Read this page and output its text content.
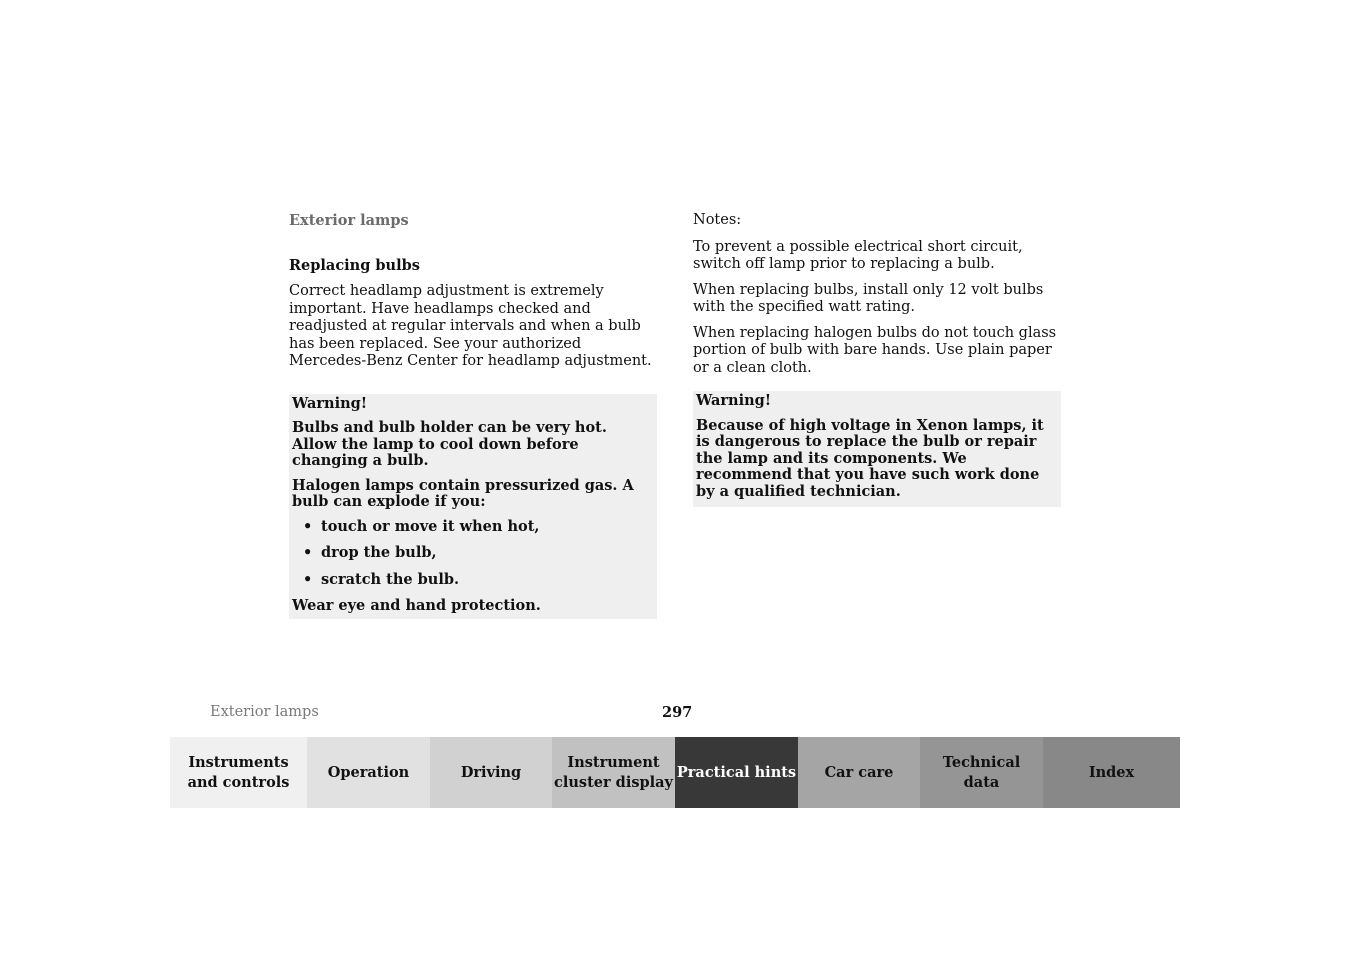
Exterior lamps
Replacing bulbs
Correct headlamp adjustment is extremely important. Have headlamps checked and readjusted at regular intervals and when a bulb has been replaced. See your authorized Mercedes-Benz Center for headlamp adjustment.
Warning!
Bulbs and bulb holder can be very hot. Allow the lamp to cool down before changing a bulb.
Halogen lamps contain pressurized gas. A bulb can explode if you:
• touch or move it when hot,
• drop the bulb,
• scratch the bulb.
Wear eye and hand protection.
Notes:
To prevent a possible electrical short circuit, switch off lamp prior to replacing a bulb.
When replacing bulbs, install only 12 volt bulbs with the specified watt rating.
When replacing halogen bulbs do not touch glass portion of bulb with bare hands. Use plain paper or a clean cloth.
Warning!
Because of high voltage in Xenon lamps, it is dangerous to replace the bulb or repair the lamp and its components. We recommend that you have such work done by a qualified technician.
Exterior lamps	297
Instruments
and controls
Operation	Driving
Instrument
cluster display
Practical hints Car care
Technical
data
Index
